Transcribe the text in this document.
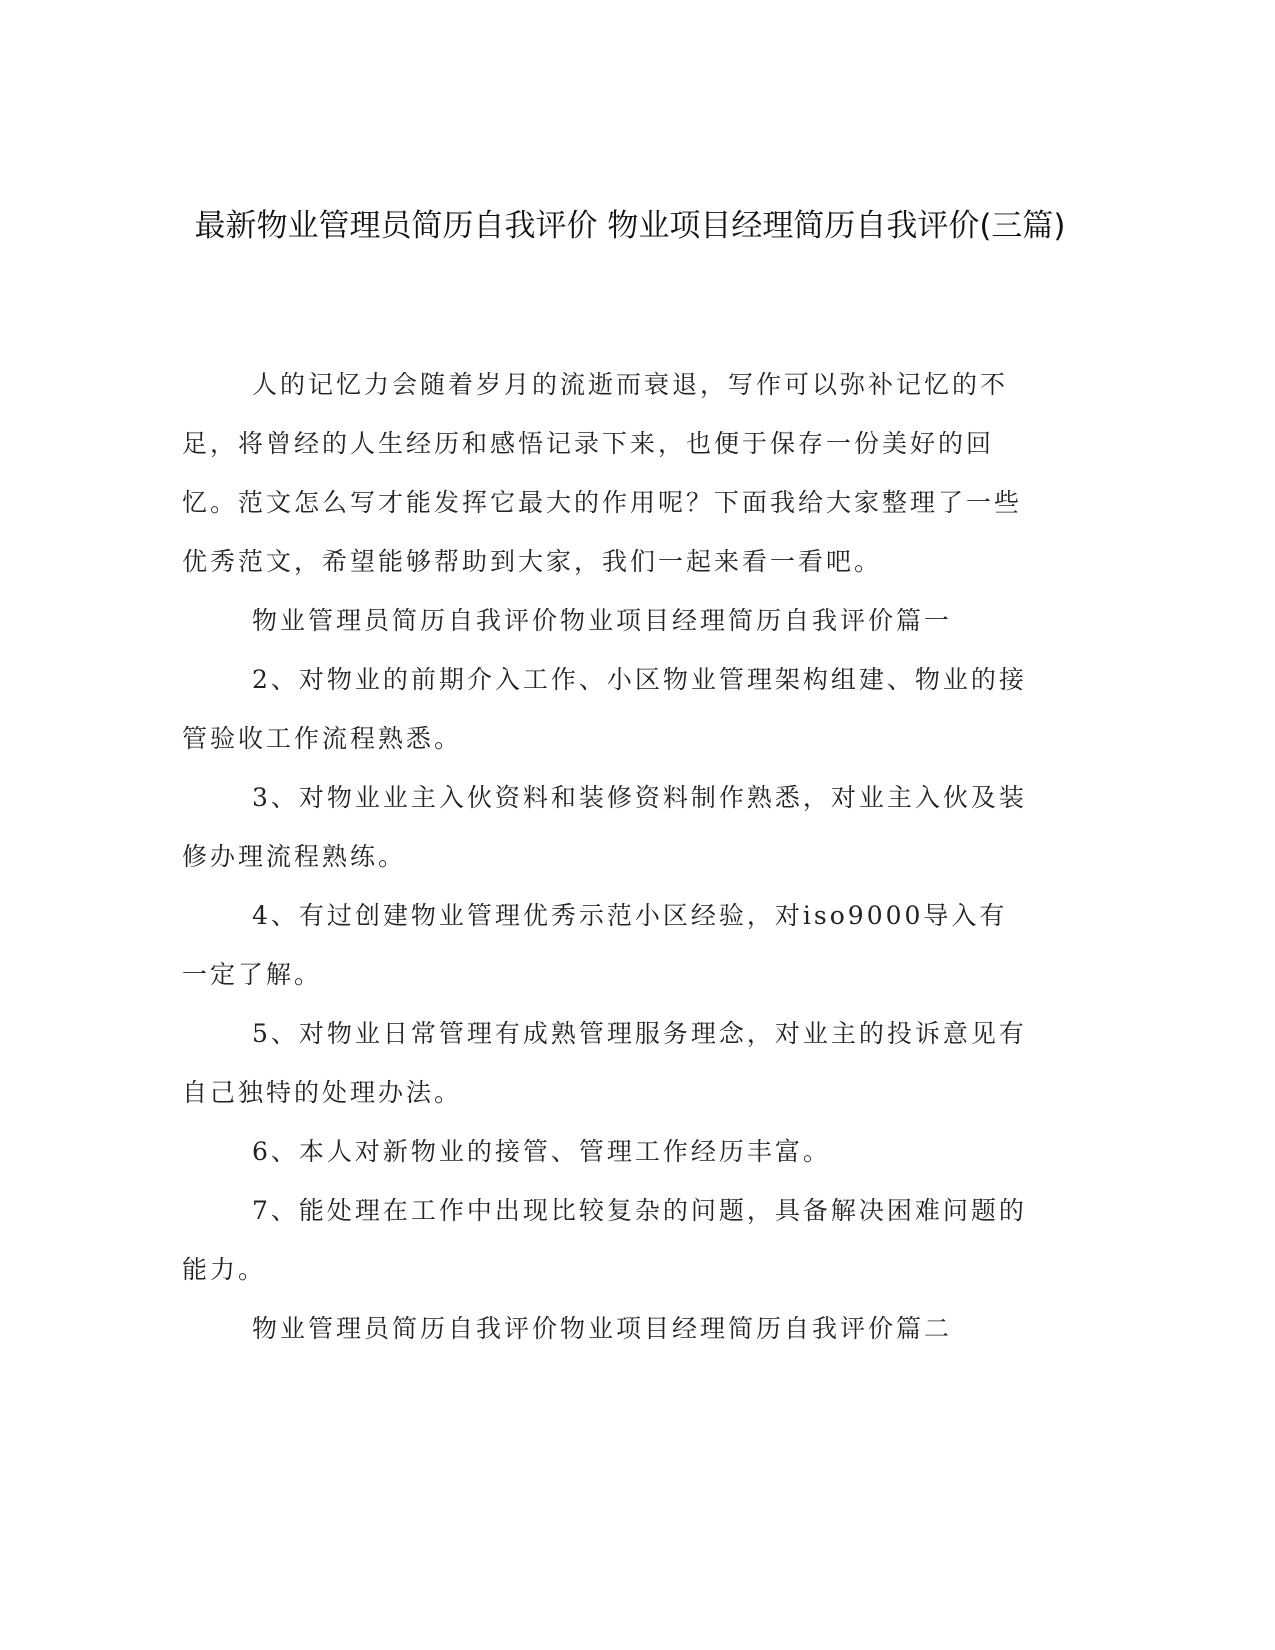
最新物业管理员简历自我评价 物业项目经理简历自我评价(三篇)

人的记忆力会随着岁月的流逝而衰退，写作可以弥补记忆的不足，将曾经的人生经历和感悟记录下来，也便于保存一份美好的回忆。范文怎么写才能发挥它最大的作用呢？下面我给大家整理了一些优秀范文，希望能够帮助到大家，我们一起来看一看吧。

物业管理员简历自我评价物业项目经理简历自我评价篇一

2、对物业的前期介入工作、小区物业管理架构组建、物业的接管验收工作流程熟悉。

3、对物业业主入伙资料和装修资料制作熟悉，对业主入伙及装修办理流程熟练。

4、有过创建物业管理优秀示范小区经验，对iso9000导入有一定了解。

5、对物业日常管理有成熟管理服务理念，对业主的投诉意见有自己独特的处理办法。

6、本人对新物业的接管、管理工作经历丰富。

7、能处理在工作中出现比较复杂的问题，具备解决困难问题的能力。

物业管理员简历自我评价物业项目经理简历自我评价篇二
